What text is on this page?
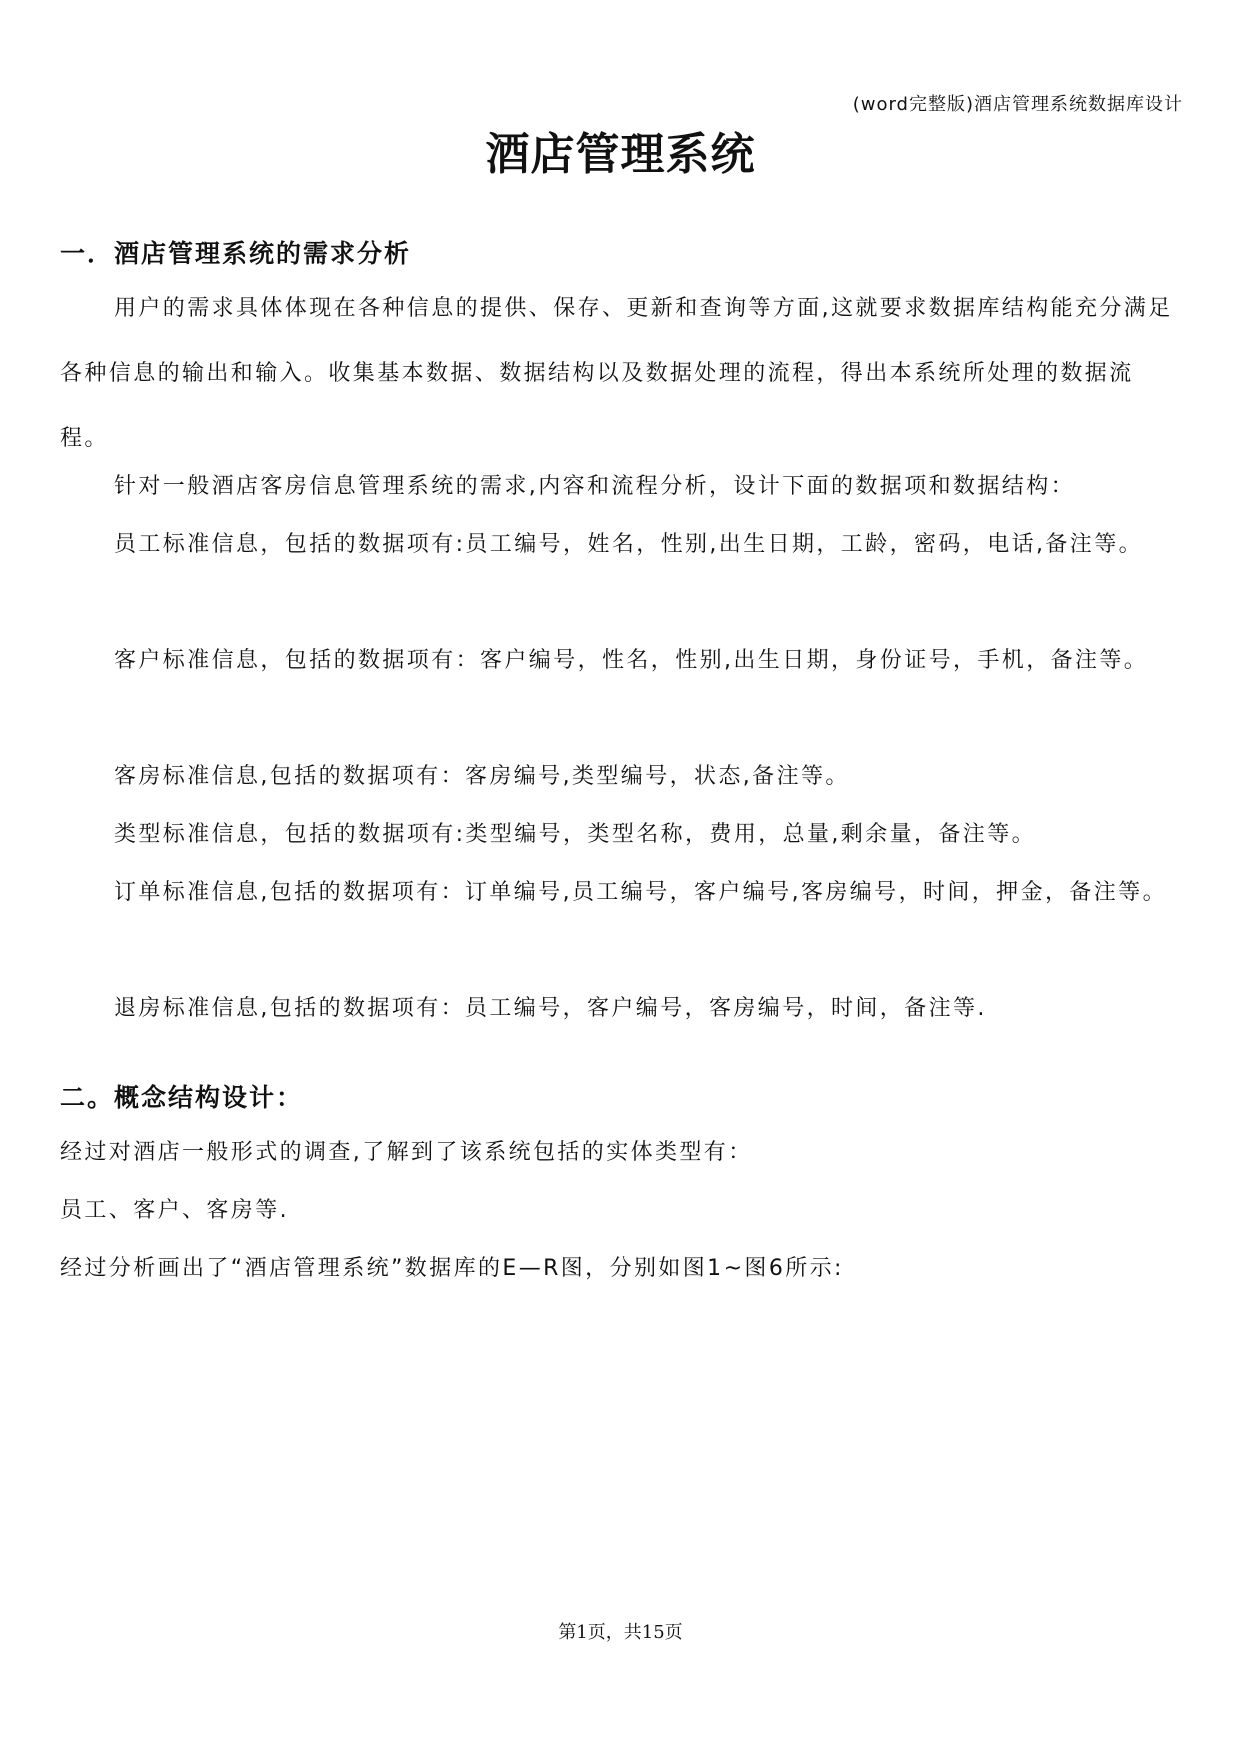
(word完整版)酒店管理系统数据库设计
酒店管理系统
一．酒店管理系统的需求分析

用户的需求具体体现在各种信息的提供、保存、更新和查询等方面,这就要求数据库结构能充分满足各种信息的输出和输入。收集基本数据、数据结构以及数据处理的流程，得出本系统所处理的数据流程。

针对一般酒店客房信息管理系统的需求,内容和流程分析，设计下面的数据项和数据结构：

员工标准信息，包括的数据项有:员工编号，姓名，性别,出生日期，工龄，密码，电话,备注等。

客户标准信息，包括的数据项有：客户编号，性名，性别,出生日期，身份证号，手机，备注等。

客房标准信息,包括的数据项有：客房编号,类型编号，状态,备注等。

类型标准信息，包括的数据项有:类型编号，类型名称，费用，总量,剩余量，备注等。

订单标准信息,包括的数据项有：订单编号,员工编号，客户编号,客房编号，时间，押金，备注等。

退房标准信息,包括的数据项有：员工编号，客户编号，客房编号，时间，备注等.

二。概念结构设计：

经过对酒店一般形式的调查,了解到了该系统包括的实体类型有：

员工、客户、客房等.

经过分析画出了“酒店管理系统”数据库的E—R图，分别如图1~图6所示:

第1页，共15页
